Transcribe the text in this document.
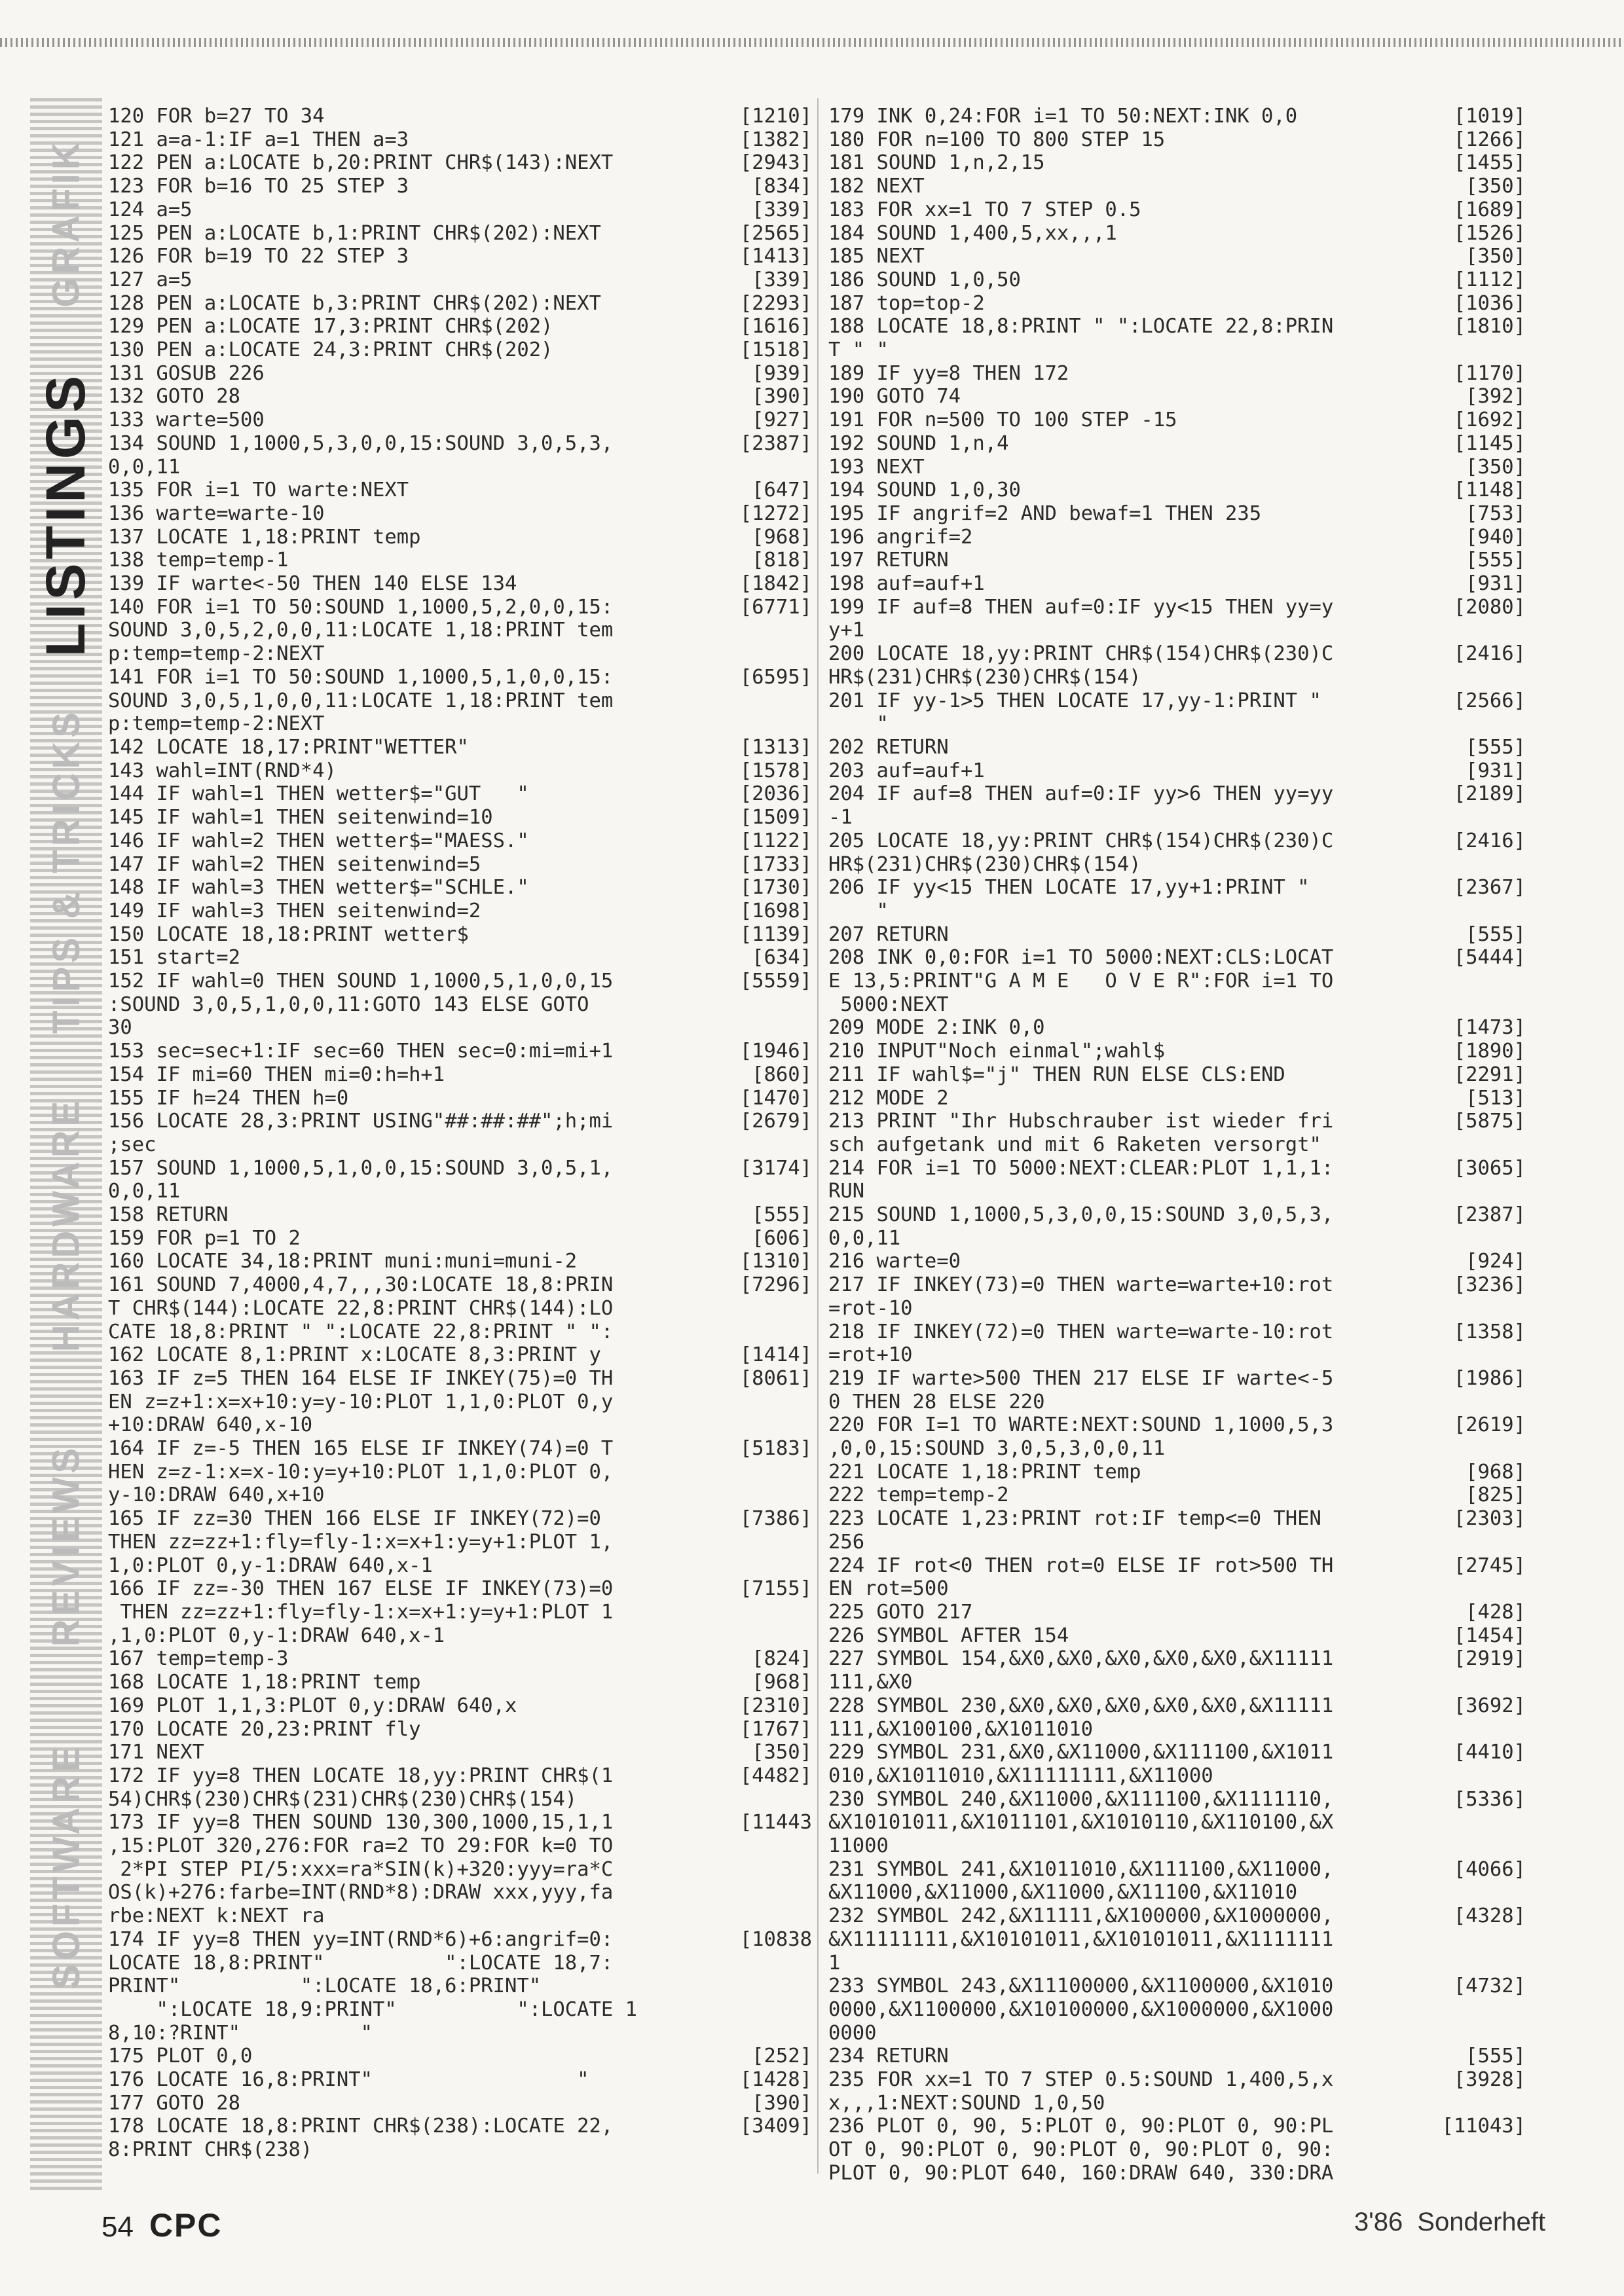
GRAFIK
LISTINGS
TIPS & TRICKS
HARDWARE
REVIEWS
SOFTWARE
120 FOR b=27 TO 34	[1210]
121 a=a-1:IF a=1 THEN a=3	[1382]
122 PEN a:LOCATE b,20:PRINT CHR$(143):NEXT	[2943]
123 FOR b=16 TO 25 STEP 3	[834]
124 a=5	[339]
125 PEN a:LOCATE b,1:PRINT CHR$(202):NEXT	[2565]
126 FOR b=19 TO 22 STEP 3	[1413]
127 a=5	[339]
128 PEN a:LOCATE b,3:PRINT CHR$(202):NEXT	[2293]
129 PEN a:LOCATE 17,3:PRINT CHR$(202)	[1616]
130 PEN a:LOCATE 24,3:PRINT CHR$(202)	[1518]
131 GOSUB 226	[939]
132 GOTO 28	[390]
133 warte=500	[927]
134 SOUND 1,1000,5,3,0,0,15:SOUND 3,0,5,3,	[2387]
0,0,11
135 FOR i=1 TO warte:NEXT	[647]
136 warte=warte-10	[1272]
137 LOCATE 1,18:PRINT temp	[968]
138 temp=temp-1	[818]
139 IF warte<-50 THEN 140 ELSE 134	[1842]
140 FOR i=1 TO 50:SOUND 1,1000,5,2,0,0,15:	[6771]
SOUND 3,0,5,2,0,0,11:LOCATE 1,18:PRINT tem
p:temp=temp-2:NEXT
141 FOR i=1 TO 50:SOUND 1,1000,5,1,0,0,15:	[6595]
SOUND 3,0,5,1,0,0,11:LOCATE 1,18:PRINT tem
p:temp=temp-2:NEXT
142 LOCATE 18,17:PRINT"WETTER"	[1313]
143 wahl=INT(RND*4)	[1578]
144 IF wahl=1 THEN wetter$="GUT   "	[2036]
145 IF wahl=1 THEN seitenwind=10	[1509]
146 IF wahl=2 THEN wetter$="MAESS."	[1122]
147 IF wahl=2 THEN seitenwind=5	[1733]
148 IF wahl=3 THEN wetter$="SCHLE."	[1730]
149 IF wahl=3 THEN seitenwind=2	[1698]
150 LOCATE 18,18:PRINT wetter$	[1139]
151 start=2	[634]
152 IF wahl=0 THEN SOUND 1,1000,5,1,0,0,15	[5559]
:SOUND 3,0,5,1,0,0,11:GOTO 143 ELSE GOTO
30
153 sec=sec+1:IF sec=60 THEN sec=0:mi=mi+1	[1946]
154 IF mi=60 THEN mi=0:h=h+1	[860]
155 IF h=24 THEN h=0	[1470]
156 LOCATE 28,3:PRINT USING"##:##:##";h;mi	[2679]
;sec
157 SOUND 1,1000,5,1,0,0,15:SOUND 3,0,5,1,	[3174]
0,0,11
158 RETURN	[555]
159 FOR p=1 TO 2	[606]
160 LOCATE 34,18:PRINT muni:muni=muni-2	[1310]
161 SOUND 7,4000,4,7,,,30:LOCATE 18,8:PRIN	[7296]
T CHR$(144):LOCATE 22,8:PRINT CHR$(144):LO
CATE 18,8:PRINT " ":LOCATE 22,8:PRINT " ":
162 LOCATE 8,1:PRINT x:LOCATE 8,3:PRINT y	[1414]
163 IF z=5 THEN 164 ELSE IF INKEY(75)=0 TH	[8061]
EN z=z+1:x=x+10:y=y-10:PLOT 1,1,0:PLOT 0,y
+10:DRAW 640,x-10
164 IF z=-5 THEN 165 ELSE IF INKEY(74)=0 T	[5183]
HEN z=z-1:x=x-10:y=y+10:PLOT 1,1,0:PLOT 0,
y-10:DRAW 640,x+10
165 IF zz=30 THEN 166 ELSE IF INKEY(72)=0	[7386]
THEN zz=zz+1:fly=fly-1:x=x+1:y=y+1:PLOT 1,
1,0:PLOT 0,y-1:DRAW 640,x-1
166 IF zz=-30 THEN 167 ELSE IF INKEY(73)=0	[7155]
THEN zz=zz+1:fly=fly-1:x=x+1:y=y+1:PLOT 1
,1,0:PLOT 0,y-1:DRAW 640,x-1
167 temp=temp-3	[824]
168 LOCATE 1,18:PRINT temp	[968]
169 PLOT 1,1,3:PLOT 0,y:DRAW 640,x	[2310]
170 LOCATE 20,23:PRINT fly	[1767]
171 NEXT	[350]
172 IF yy=8 THEN LOCATE 18,yy:PRINT CHR$(1	[4482]
54)CHR$(230)CHR$(231)CHR$(230)CHR$(154)
173 IF yy=8 THEN SOUND 130,300,1000,15,1,1	[11443
,15:PLOT 320,276:FOR ra=2 TO 29:FOR k=0 TO
2*PI STEP PI/5:xxx=ra*SIN(k)+320:yyy=ra*C
OS(k)+276:farbe=INT(RND*8):DRAW xxx,yyy,fa
rbe:NEXT k:NEXT ra
174 IF yy=8 THEN yy=INT(RND*6)+6:angrif=0:	[10838
LOCATE 18,8:PRINT"          ":LOCATE 18,7:
PRINT"          ":LOCATE 18,6:PRINT"
":LOCATE 18,9:PRINT"          ":LOCATE 1
8,10:?RINT"          "
175 PLOT 0,0	[252]
176 LOCATE 16,8:PRINT"                 "	[1428]
177 GOTO 28	[390]
178 LOCATE 18,8:PRINT CHR$(238):LOCATE 22,	[3409]
8:PRINT CHR$(238)
179 INK 0,24:FOR i=1 TO 50:NEXT:INK 0,0	[1019]
180 FOR n=100 TO 800 STEP 15	[1266]
181 SOUND 1,n,2,15	[1455]
182 NEXT	[350]
183 FOR xx=1 TO 7 STEP 0.5	[1689]
184 SOUND 1,400,5,xx,,,1	[1526]
185 NEXT	[350]
186 SOUND 1,0,50	[1112]
187 top=top-2	[1036]
188 LOCATE 18,8:PRINT " ":LOCATE 22,8:PRIN	[1810]
T " "
189 IF yy=8 THEN 172	[1170]
190 GOTO 74	[392]
191 FOR n=500 TO 100 STEP -15	[1692]
192 SOUND 1,n,4	[1145]
193 NEXT	[350]
194 SOUND 1,0,30	[1148]
195 IF angrif=2 AND bewaf=1 THEN 235	[753]
196 angrif=2	[940]
197 RETURN	[555]
198 auf=auf+1	[931]
199 IF auf=8 THEN auf=0:IF yy<15 THEN yy=y	[2080]
y+1
200 LOCATE 18,yy:PRINT CHR$(154)CHR$(230)C	[2416]
HR$(231)CHR$(230)CHR$(154)
201 IF yy-1>5 THEN LOCATE 17,yy-1:PRINT "	[2566]
"
202 RETURN	[555]
203 auf=auf+1	[931]
204 IF auf=8 THEN auf=0:IF yy>6 THEN yy=yy	[2189]
-1
205 LOCATE 18,yy:PRINT CHR$(154)CHR$(230)C	[2416]
HR$(231)CHR$(230)CHR$(154)
206 IF yy<15 THEN LOCATE 17,yy+1:PRINT "	[2367]
"
207 RETURN	[555]
208 INK 0,0:FOR i=1 TO 5000:NEXT:CLS:LOCAT	[5444]
E 13,5:PRINT"G A M E   O V E R":FOR i=1 TO
5000:NEXT
209 MODE 2:INK 0,0	[1473]
210 INPUT"Noch einmal";wahl$	[1890]
211 IF wahl$="j" THEN RUN ELSE CLS:END	[2291]
212 MODE 2	[513]
213 PRINT "Ihr Hubschrauber ist wieder fri	[5875]
sch aufgetank und mit 6 Raketen versorgt"
214 FOR i=1 TO 5000:NEXT:CLEAR:PLOT 1,1,1:	[3065]
RUN
215 SOUND 1,1000,5,3,0,0,15:SOUND 3,0,5,3,	[2387]
0,0,11
216 warte=0	[924]
217 IF INKEY(73)=0 THEN warte=warte+10:rot	[3236]
=rot-10
218 IF INKEY(72)=0 THEN warte=warte-10:rot	[1358]
=rot+10
219 IF warte>500 THEN 217 ELSE IF warte<-5	[1986]
0 THEN 28 ELSE 220
220 FOR I=1 TO WARTE:NEXT:SOUND 1,1000,5,3	[2619]
,0,0,15:SOUND 3,0,5,3,0,0,11
221 LOCATE 1,18:PRINT temp	[968]
222 temp=temp-2	[825]
223 LOCATE 1,23:PRINT rot:IF temp<=0 THEN	[2303]
256
224 IF rot<0 THEN rot=0 ELSE IF rot>500 TH	[2745]
EN rot=500
225 GOTO 217	[428]
226 SYMBOL AFTER 154	[1454]
227 SYMBOL 154,&X0,&X0,&X0,&X0,&X0,&X11111	[2919]
111,&X0
228 SYMBOL 230,&X0,&X0,&X0,&X0,&X0,&X11111	[3692]
111,&X100100,&X1011010
229 SYMBOL 231,&X0,&X11000,&X111100,&X1011	[4410]
010,&X1011010,&X11111111,&X11000
230 SYMBOL 240,&X11000,&X111100,&X1111110,	[5336]
&X10101011,&X1011101,&X1010110,&X110100,&X
11000
231 SYMBOL 241,&X1011010,&X111100,&X11000,	[4066]
&X11000,&X11000,&X11000,&X11100,&X11010
232 SYMBOL 242,&X11111,&X100000,&X1000000,	[4328]
&X11111111,&X10101011,&X10101011,&X1111111
1
233 SYMBOL 243,&X11100000,&X1100000,&X1010	[4732]
0000,&X1100000,&X10100000,&X1000000,&X1000
0000
234 RETURN	[555]
235 FOR xx=1 TO 7 STEP 0.5:SOUND 1,400,5,x	[3928]
x,,,1:NEXT:SOUND 1,0,50
236 PLOT 0, 90, 5:PLOT 0, 90:PLOT 0, 90:PL	[11043]
OT 0, 90:PLOT 0, 90:PLOT 0, 90:PLOT 0, 90:
PLOT 0, 90:PLOT 640, 160:DRAW 640, 330:DRA
54 CPC	3'86 Sonderheft
